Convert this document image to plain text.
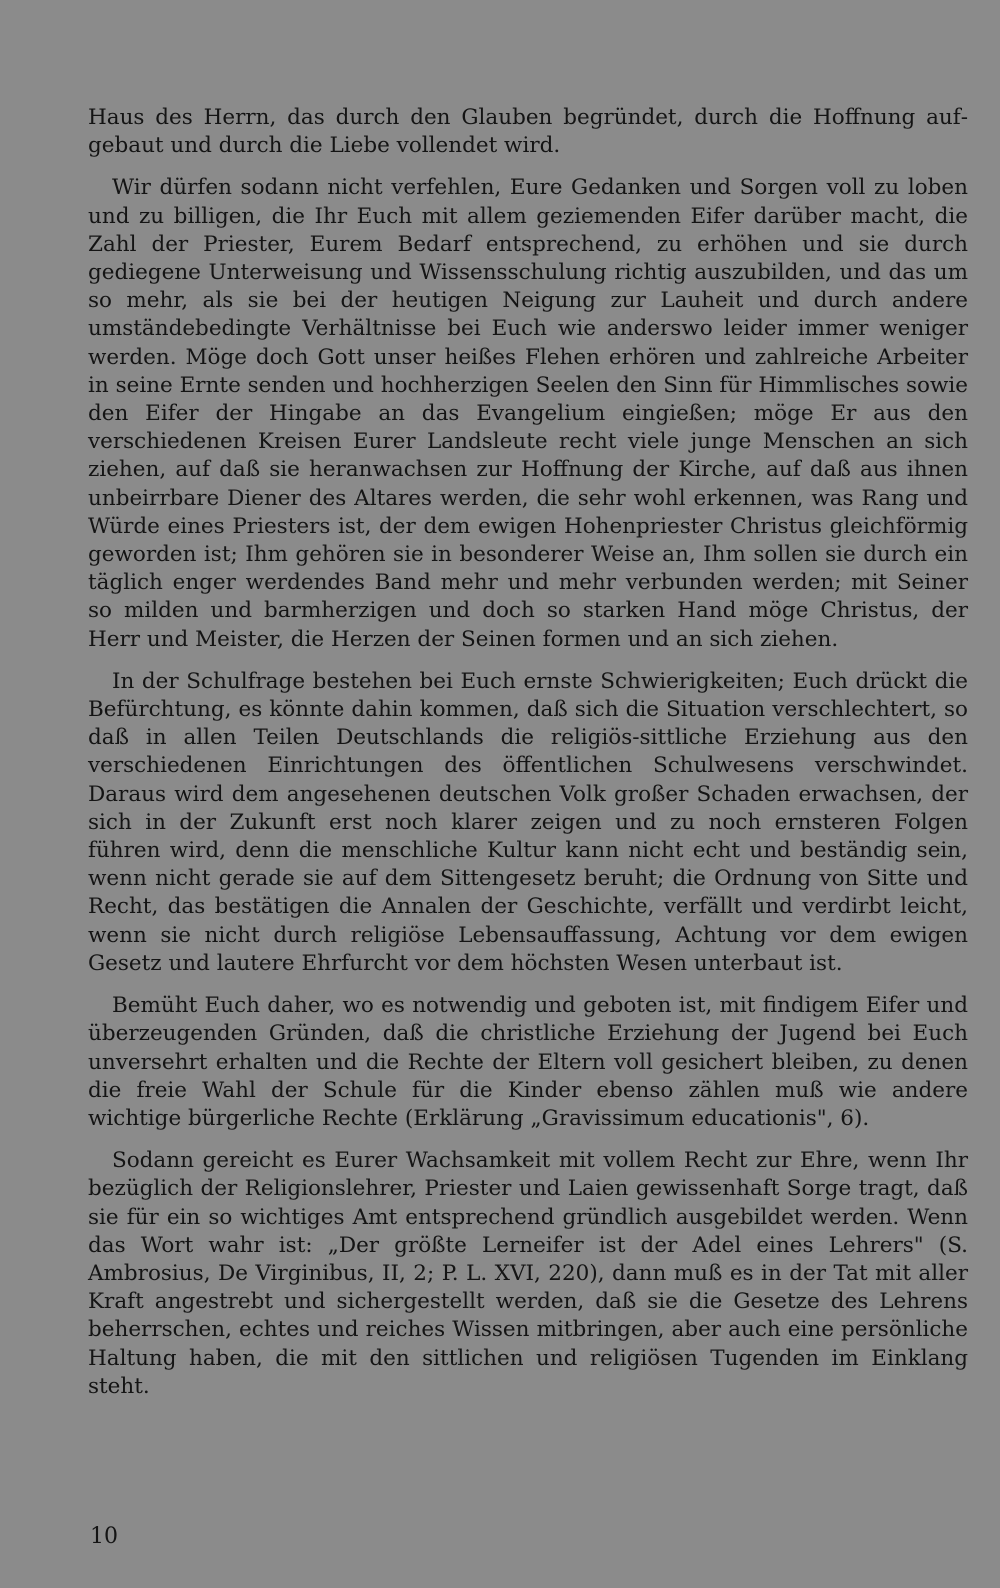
Haus des Herrn, das durch den Glauben begründet, durch die Hoffnung aufgebaut und durch die Liebe vollendet wird.

Wir dürfen sodann nicht verfehlen, Eure Gedanken und Sorgen voll zu loben und zu billigen, die Ihr Euch mit allem geziemenden Eifer darüber macht, die Zahl der Priester, Eurem Bedarf entsprechend, zu erhöhen und sie durch gediegene Unterweisung und Wissensschulung richtig auszubilden, und das um so mehr, als sie bei der heutigen Neigung zur Lauheit und durch andere umständebedingte Verhältnisse bei Euch wie anderswo leider immer weniger werden. Möge doch Gott unser heißes Flehen erhören und zahlreiche Arbeiter in seine Ernte senden und hochherzigen Seelen den Sinn für Himmlisches sowie den Eifer der Hingabe an das Evangelium eingießen; möge Er aus den verschiedenen Kreisen Eurer Landsleute recht viele junge Menschen an sich ziehen, auf daß sie heranwachsen zur Hoffnung der Kirche, auf daß aus ihnen unbeirrbare Diener des Altares werden, die sehr wohl erkennen, was Rang und Würde eines Priesters ist, der dem ewigen Hohenpriester Christus gleichförmig geworden ist; Ihm gehören sie in besonderer Weise an, Ihm sollen sie durch ein täglich enger werdendes Band mehr und mehr verbunden werden; mit Seiner so milden und barmherzigen und doch so starken Hand möge Christus, der Herr und Meister, die Herzen der Seinen formen und an sich ziehen.

In der Schulfrage bestehen bei Euch ernste Schwierigkeiten; Euch drückt die Befürchtung, es könnte dahin kommen, daß sich die Situation verschlechtert, so daß in allen Teilen Deutschlands die religiös-sittliche Erziehung aus den verschiedenen Einrichtungen des öffentlichen Schulwesens verschwindet. Daraus wird dem angesehenen deutschen Volk großer Schaden erwachsen, der sich in der Zukunft erst noch klarer zeigen und zu noch ernsteren Folgen führen wird, denn die menschliche Kultur kann nicht echt und beständig sein, wenn nicht gerade sie auf dem Sittengesetz beruht; die Ordnung von Sitte und Recht, das bestätigen die Annalen der Geschichte, verfällt und verdirbt leicht, wenn sie nicht durch religiöse Lebensauffassung, Achtung vor dem ewigen Gesetz und lautere Ehrfurcht vor dem höchsten Wesen unterbaut ist.

Bemüht Euch daher, wo es notwendig und geboten ist, mit findigem Eifer und überzeugenden Gründen, daß die christliche Erziehung der Jugend bei Euch unversehrt erhalten und die Rechte der Eltern voll gesichert bleiben, zu denen die freie Wahl der Schule für die Kinder ebenso zählen muß wie andere wichtige bürgerliche Rechte (Erklärung „Gravissimum educationis", 6).

Sodann gereicht es Eurer Wachsamkeit mit vollem Recht zur Ehre, wenn Ihr bezüglich der Religionslehrer, Priester und Laien gewissenhaft Sorge tragt, daß sie für ein so wichtiges Amt entsprechend gründlich ausgebildet werden. Wenn das Wort wahr ist: „Der größte Lerneifer ist der Adel eines Lehrers" (S. Ambrosius, De Virginibus, II, 2; P. L. XVI, 220), dann muß es in der Tat mit aller Kraft angestrebt und sichergestellt werden, daß sie die Gesetze des Lehrens beherrschen, echtes und reiches Wissen mitbringen, aber auch eine persönliche Haltung haben, die mit den sittlichen und religiösen Tugenden im Einklang steht.

10
